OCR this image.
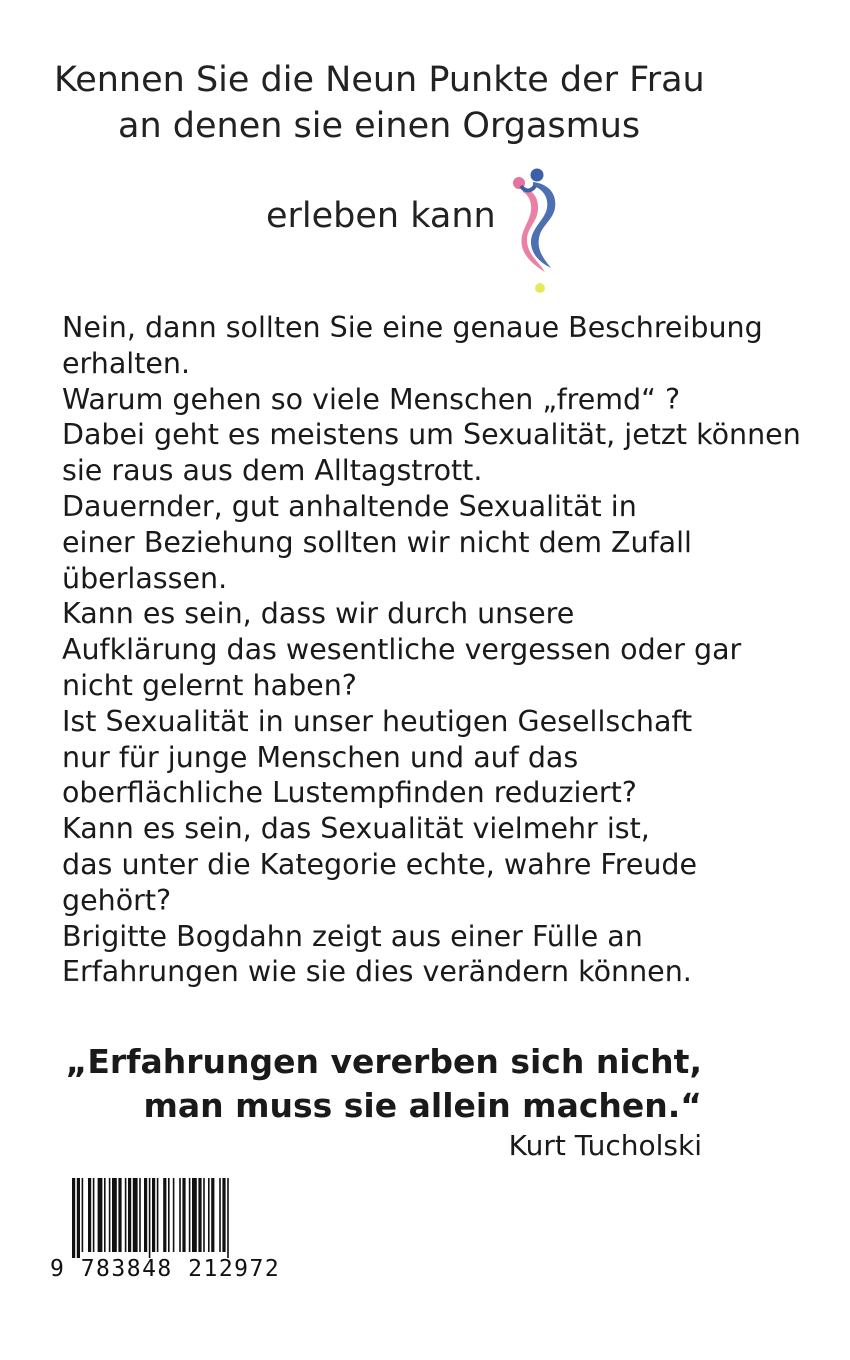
Kennen Sie die Neun Punkte der Frau
an denen sie einen Orgasmus
erleben kann
Nein, dann sollten Sie eine genaue Beschreibung
erhalten.
Warum gehen so viele Menschen „fremd“ ?
Dabei geht es meistens um Sexualität, jetzt können
sie raus aus dem Alltagstrott.
Dauernder, gut anhaltende Sexualität in
einer Beziehung sollten wir nicht dem Zufall
überlassen.
Kann es sein, dass wir durch unsere
Aufklärung das wesentliche vergessen oder gar
nicht gelernt haben?
Ist Sexualität in unser heutigen Gesellschaft
nur für junge Menschen und auf das
oberflächliche Lustempfinden reduziert?
Kann es sein, das Sexualität vielmehr ist,
das unter die Kategorie echte, wahre Freude
gehört?
Brigitte Bogdahn zeigt aus einer Fülle an
Erfahrungen wie sie dies verändern können.
„Erfahrungen vererben sich nicht,
man muss sie allein machen.“
Kurt Tucholski
9 783848 212972
